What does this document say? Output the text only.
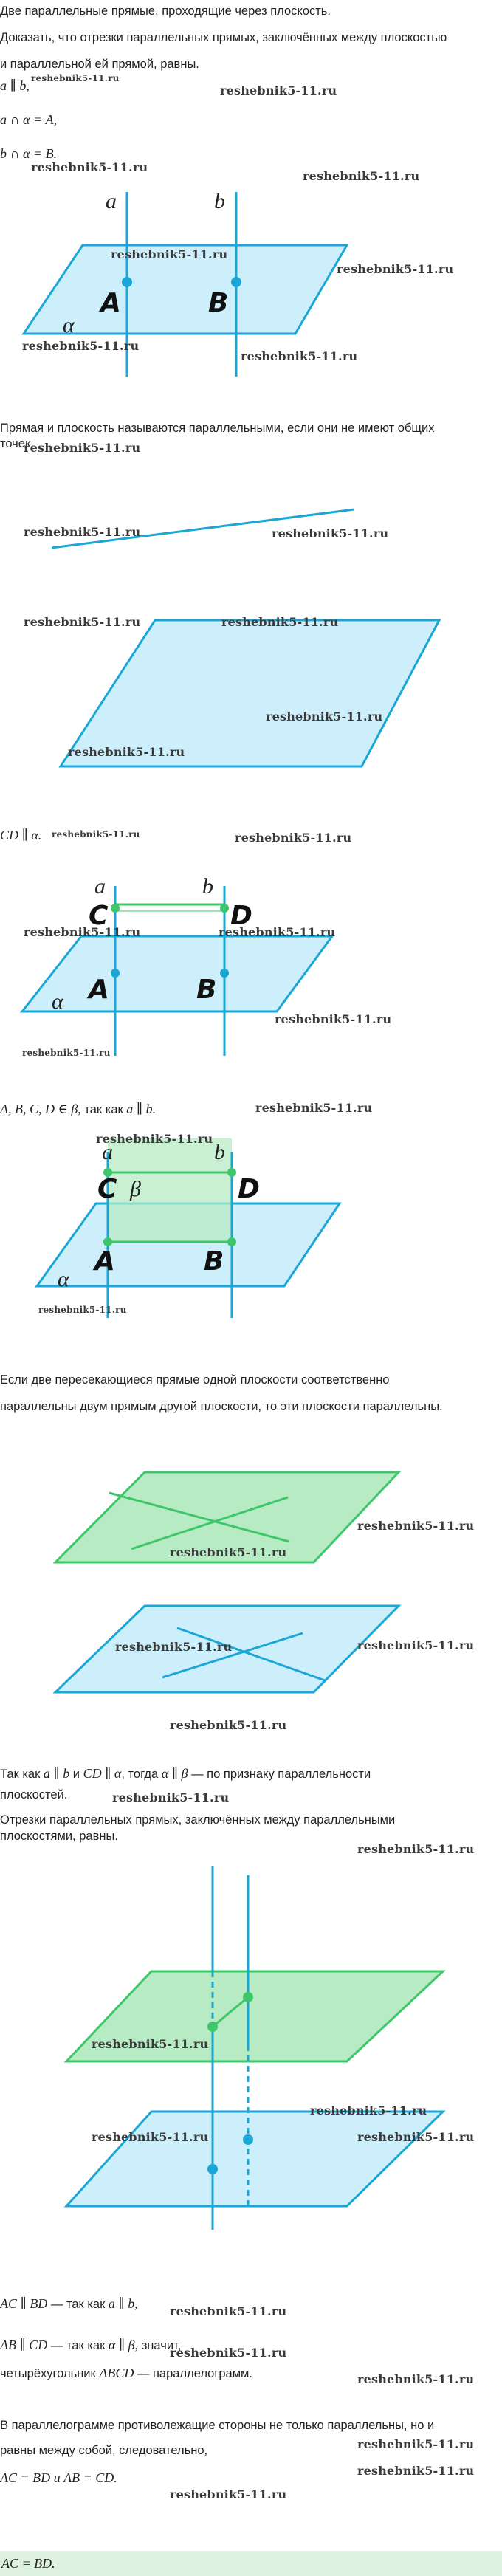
Две параллельные прямые, проходящие через плоскость.

Доказать, что отрезки параллельных прямых, заключённых между плоскостью

и параллельной ей прямой, равны.

a ∥ b,

a ∩ α = A,

b ∩ α = B.

reshebnik5-11.ru
reshebnik5-11.ru
reshebnik5-11.ru
reshebnik5-11.ru
a	b
A	B
α
reshebnik5-11.ru
reshebnik5-11.ru
reshebnik5-11.ru
reshebnik5-11.ru

Прямая и плоскость называются параллельными, если они не имеют общих

точек.

reshebnik5-11.ru
reshebnik5-11.ru	reshebnik5-11.ru
reshebnik5-11.ru	reshebnik5-11.ru
reshebnik5-11.ru
reshebnik5-11.ru

CD ∥ α. reshebnik5-11.ru	reshebnik5-11.ru
a	b
C	D
A	B
α
reshebnik5-11.ru	reshebnik5-11.ru
reshebnik5-11.ru
reshebnik5-11.ru

A, B, C, D ∈ β, так как a ∥ b.	reshebnik5-11.ru
a	b
β
C	D
A	B
α
reshebnik5-11.ru
reshebnik5-11.ru

Если две пересекающиеся прямые одной плоскости соответственно

параллельны двум прямым другой плоскости, то эти плоскости параллельны.

reshebnik5-11.ru
reshebnik5-11.ru
reshebnik5-11.ru
reshebnik5-11.ru
reshebnik5-11.ru

Так как a ∥ b и CD ∥ α, тогда α ∥ β — по признаку параллельности

плоскостей.	reshebnik5-11.ru

Отрезки параллельных прямых, заключённых между параллельными

плоскостями, равны.

reshebnik5-11.ru
reshebnik5-11.ru
reshebnik5-11.ru
reshebnik5-11.ru	reshebnik5-11.ru
reshebnik5-11.ru

AC ∥ BD — так как a ∥ b,

AB ∥ CD — так как α ∥ β, значит,

reshebnik5-11.ru

четырёхугольник ABCD — параллелограмм.	reshebnik5-11.ru

В параллелограмме противолежащие стороны не только параллельны, но и

равны между собой, следовательно,	reshebnik5-11.ru
reshebnik5-11.ru

AC = BD и AB = CD.

reshebnik5-11.ru

AC = BD.
